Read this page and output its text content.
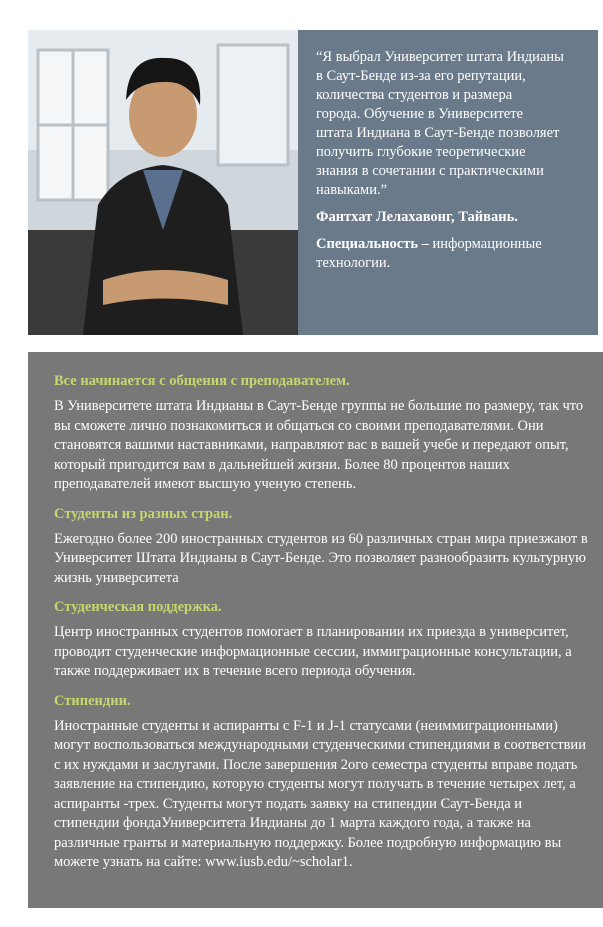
“Я выбрал Университет штата Индианы
в Саут-Бенде из-за его репутации,
количества студентов и размера
города. Обучение в Университете
штата Индиана в Саут-Бенде позволяет
получить глубокие теоретические
знания в сочетании с практическими
навыками.”

Фантхат Лелахавонг, Тайвань.

Специальность – информационные технологии.

Все начинается с общения с преподавателем.

В Университете штата Индианы в Саут-Бенде группы не большие по размеру, так что вы сможете лично познакомиться и общаться со своими преподавателями. Они становятся вашими наставниками, направляют вас в вашей учебе и передают опыт, который пригодится вам в дальнейшей жизни. Более 80 процентов наших преподавателей имеют высшую ученую степень.

Студенты из разных стран.

Ежегодно более 200 иностранных студентов из 60 различных стран мира приезжают в Университет Штата Индианы в Саут-Бенде. Это позволяет разнообразить культурную жизнь университета

Студенческая поддержка.

Центр иностранных студентов помогает в планировании их приезда в университет, проводит студенческие информационные сессии, иммиграционные консультации, а также поддерживает их в течение всего периода обучения.

Стипендии.

Иностранные студенты и аспиранты с F-1 и J-1 статусами (неиммиграционными) могут воспользоваться международными студенческими стипендиями в соответствии с их нуждами и заслугами. После завершения 2ого семестра студенты вправе подать заявление на стипендию, которую студенты могут получать в течение четырех лет, а аспиранты -трех. Студенты могут подать заявку на стипендии Саут-Бенда и стипендии фондаУниверситета Индианы до 1 марта каждого года, а также на различные гранты и материальную поддержку. Более подробную информацию вы можете узнать на сайте: www.iusb.edu/~scholar1.
